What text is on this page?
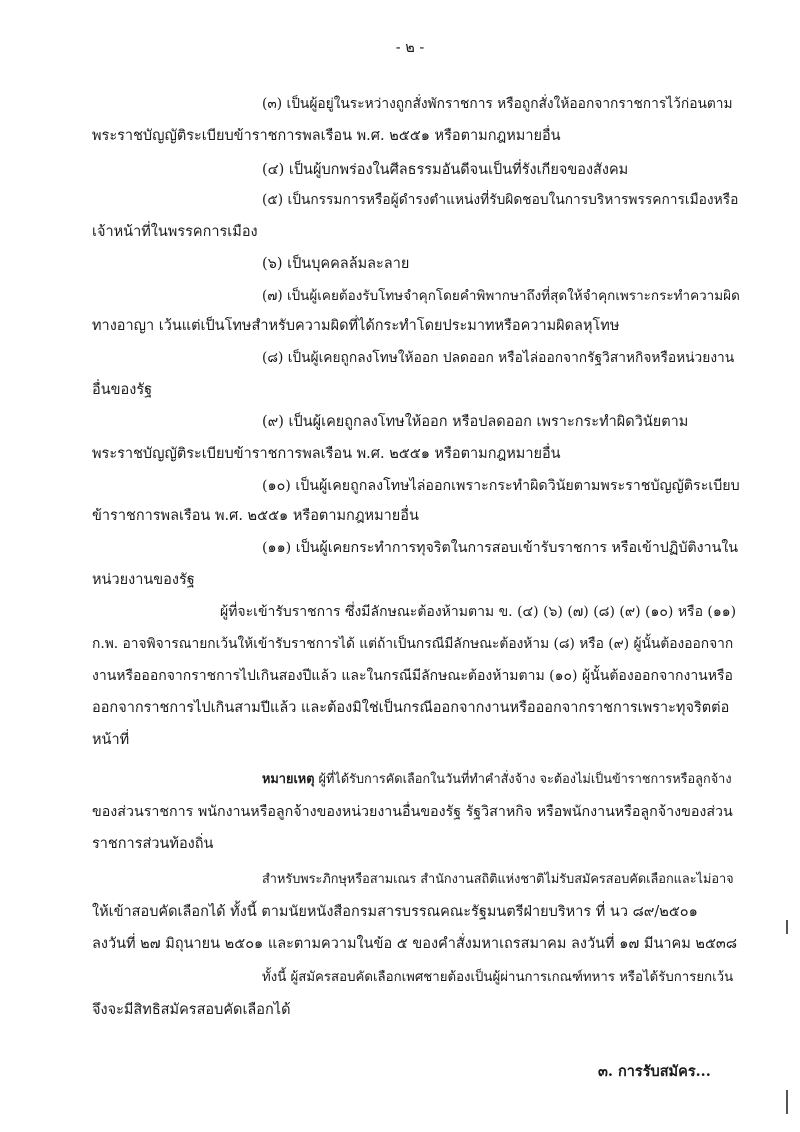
- ๒ -
(๓) เป็นผู้อยู่ในระหว่างถูกสั่งพักราชการ หรือถูกสั่งให้ออกจากราชการไว้ก่อนตาม
พระราชบัญญัติระเบียบข้าราชการพลเรือน พ.ศ. ๒๕๕๑ หรือตามกฎหมายอื่น
(๔) เป็นผู้บกพร่องในศีลธรรมอันดีจนเป็นที่รังเกียจของสังคม
(๕) เป็นกรรมการหรือผู้ดำรงตำแหน่งที่รับผิดชอบในการบริหารพรรคการเมืองหรือ
เจ้าหน้าที่ในพรรคการเมือง
(๖) เป็นบุคคลล้มละลาย
(๗) เป็นผู้เคยต้องรับโทษจำคุกโดยคำพิพากษาถึงที่สุดให้จำคุกเพราะกระทำความผิด
ทางอาญา เว้นแต่เป็นโทษสำหรับความผิดที่ได้กระทำโดยประมาทหรือความผิดลหุโทษ
(๘) เป็นผู้เคยถูกลงโทษให้ออก ปลดออก หรือไล่ออกจากรัฐวิสาหกิจหรือหน่วยงาน
อื่นของรัฐ
(๙) เป็นผู้เคยถูกลงโทษให้ออก หรือปลดออก เพราะกระทำผิดวินัยตาม
พระราชบัญญัติระเบียบข้าราชการพลเรือน พ.ศ. ๒๕๕๑ หรือตามกฎหมายอื่น
(๑๐) เป็นผู้เคยถูกลงโทษไล่ออกเพราะกระทำผิดวินัยตามพระราชบัญญัติระเบียบ
ข้าราชการพลเรือน พ.ศ. ๒๕๕๑ หรือตามกฎหมายอื่น
(๑๑) เป็นผู้เคยกระทำการทุจริตในการสอบเข้ารับราชการ หรือเข้าปฏิบัติงานใน
หน่วยงานของรัฐ
ผู้ที่จะเข้ารับราชการ ซึ่งมีลักษณะต้องห้ามตาม ข. (๔) (๖) (๗) (๘) (๙) (๑๐) หรือ (๑๑)
ก.พ. อาจพิจารณายกเว้นให้เข้ารับราชการได้ แต่ถ้าเป็นกรณีมีลักษณะต้องห้าม (๘) หรือ (๙) ผู้นั้นต้องออกจาก
งานหรือออกจากราชการไปเกินสองปีแล้ว และในกรณีมีลักษณะต้องห้ามตาม (๑๐) ผู้นั้นต้องออกจากงานหรือ
ออกจากราชการไปเกินสามปีแล้ว และต้องมิใช่เป็นกรณีออกจากงานหรือออกจากราชการเพราะทุจริตต่อ
หน้าที่
หมายเหตุ ผู้ที่ได้รับการคัดเลือกในวันที่ทำคำสั่งจ้าง จะต้องไม่เป็นข้าราชการหรือลูกจ้าง
ของส่วนราชการ พนักงานหรือลูกจ้างของหน่วยงานอื่นของรัฐ รัฐวิสาหกิจ หรือพนักงานหรือลูกจ้างของส่วน
ราชการส่วนท้องถิ่น
สำหรับพระภิกษุหรือสามเณร สำนักงานสถิติแห่งชาติไม่รับสมัครสอบคัดเลือกและไม่อาจ
ให้เข้าสอบคัดเลือกได้ ทั้งนี้ ตามนัยหนังสือกรมสารบรรณคณะรัฐมนตรีฝ่ายบริหาร ที่ นว ๘๙/๒๕๐๑
ลงวันที่ ๒๗ มิถุนายน ๒๕๐๑ และตามความในข้อ ๕ ของคำสั่งมหาเถรสมาคม ลงวันที่ ๑๗ มีนาคม ๒๕๓๘
ทั้งนี้ ผู้สมัครสอบคัดเลือกเพศชายต้องเป็นผู้ผ่านการเกณฑ์ทหาร หรือได้รับการยกเว้น
จึงจะมีสิทธิสมัครสอบคัดเลือกได้
๓. การรับสมัคร...
